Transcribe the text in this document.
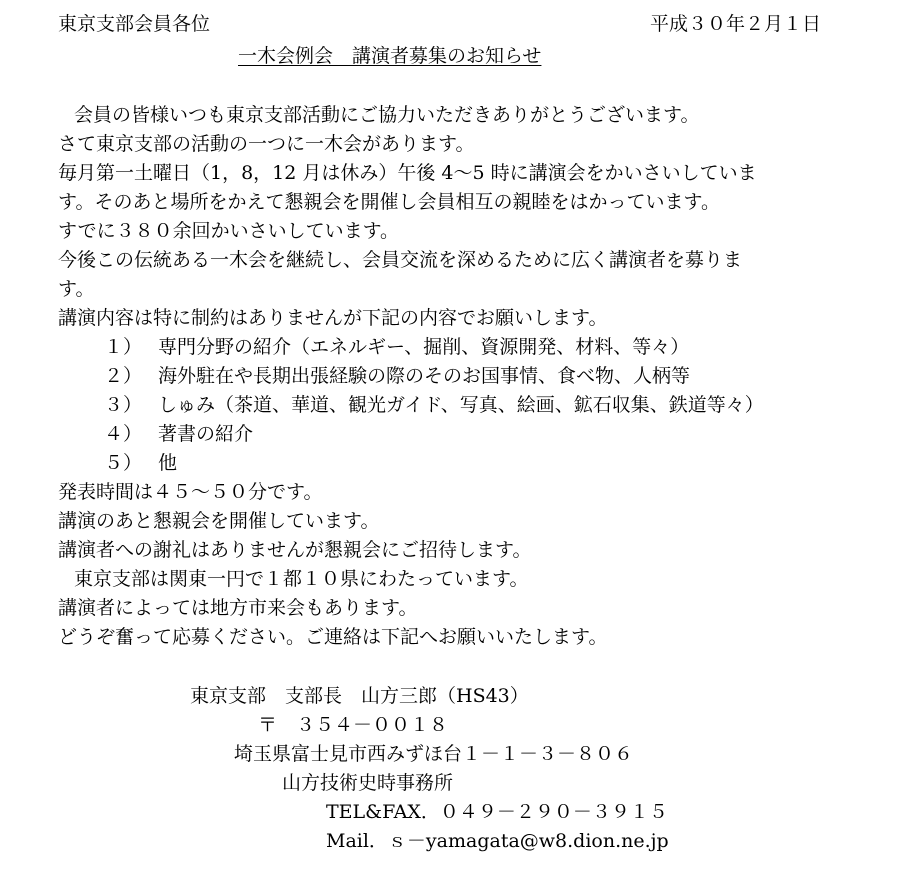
東京支部会員各位	平成３０年２月１日
一木会例会　講演者募集のお知らせ
会員の皆様いつも東京支部活動にご協力いただきありがとうございます。
さて東京支部の活動の一つに一木会があります。
毎月第一土曜日（1，8，12 月は休み）午後 4～5 時に講演会をかいさいしていま
す。そのあと場所をかえて懇親会を開催し会員相互の親睦をはかっています。
すでに３８０余回かいさいしています。
今後この伝統ある一木会を継続し、会員交流を深めるために広く講演者を募りま
す。
講演内容は特に制約はありませんが下記の内容でお願いします。
１） 専門分野の紹介（エネルギー、掘削、資源開発、材料、等々）
２） 海外駐在や長期出張経験の際のそのお国事情、食べ物、人柄等
３） しゅみ（茶道、華道、観光ガイド、写真、絵画、鉱石収集、鉄道等々）
４） 著書の紹介
５） 他
発表時間は４５～５０分です。
講演のあと懇親会を開催しています。
講演者への謝礼はありませんが懇親会にご招待します。
東京支部は関東一円で１都１０県にわたっています。
講演者によっては地方市来会もあります。
どうぞ奮って応募ください。ご連絡は下記へお願いいたします。
東京支部　支部長　山方三郎（HS43）
〒　３５４－００１８
埼玉県富士見市西みずほ台１－１－３－８０６
山方技術史時事務所
TEL&FAX．０４９－２９０－３９１５
Mail．ｓ－yamagata@w8.dion.ne.jp
